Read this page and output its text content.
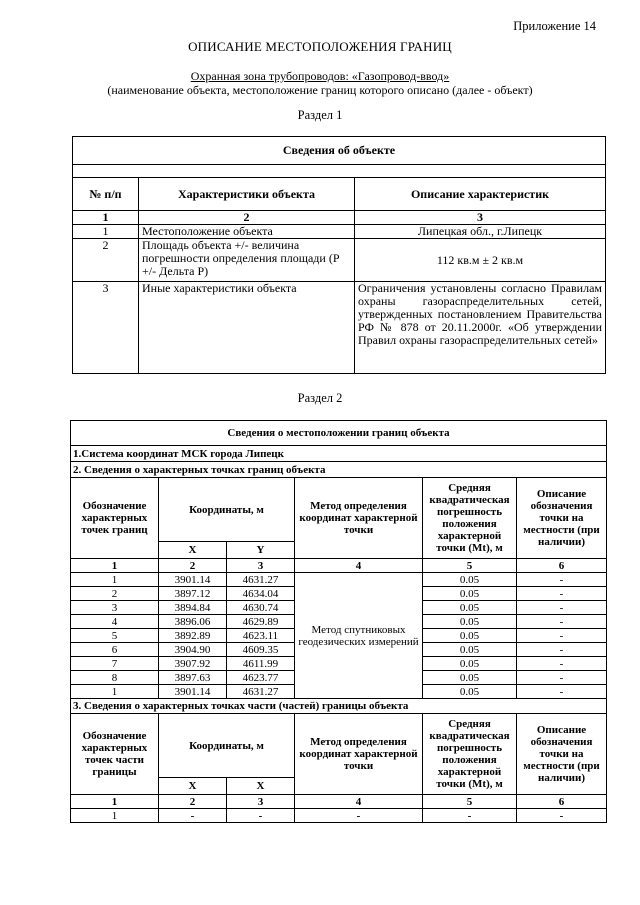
Приложение 14
ОПИСАНИЕ МЕСТОПОЛОЖЕНИЯ ГРАНИЦ
Охранная зона трубопроводов: «Газопровод-ввод»
(наименование объекта, местоположение границ которого описано (далее - объект)
Раздел 1
Сведения об объекте		

№ п/п	Характеристики объекта	Описание характеристик
1	2	3
1	Местоположение объекта	Липецкая обл., г.Липецк
2	Площадь объекта +/- величина погрешности определения площади (P +/- Дельта P)	112 кв.м ± 2 кв.м
3	Иные характеристики объекта	Ограничения установлены согласно Правилам охраны газораспределительных сетей, утвержденных постановлением Правительства РФ № 878 от 20.11.2000г. «Об утверждении Правил охраны газораспределительных сетей»
Раздел 2
Сведения о местоположении границ объекта					
1.Система координат МСК города Липецк					
2. Сведения о характерных точках границ объекта					
Обозначение характерных точек границ	Координаты, м		Метод определения координат характерной точки	Средняя квадратическая погрешность положения характерной точки (Mt), м	Описание обозначения точки на местности (при наличии)
	X	Y			
1	2	3	4	5	6
1	3901.14	4631.27	Метод спутниковых геодезических измерений	0.05	-
2	3897.12	4634.04		0.05	-
3	3894.84	4630.74		0.05	-
4	3896.06	4629.89		0.05	-
5	3892.89	4623.11		0.05	-
6	3904.90	4609.35		0.05	-
7	3907.92	4611.99		0.05	-
8	3897.63	4623.77		0.05	-
1	3901.14	4631.27		0.05	-
3. Сведения о характерных точках части (частей) границы объекта					
Обозначение характерных точек части границы	Координаты, м		Метод определения координат характерной точки	Средняя квадратическая погрешность положения характерной точки (Mt), м	Описание обозначения точки на местности (при наличии)
	X	X			
1	2	3	4	5	6
1	-	-	-	-	-
